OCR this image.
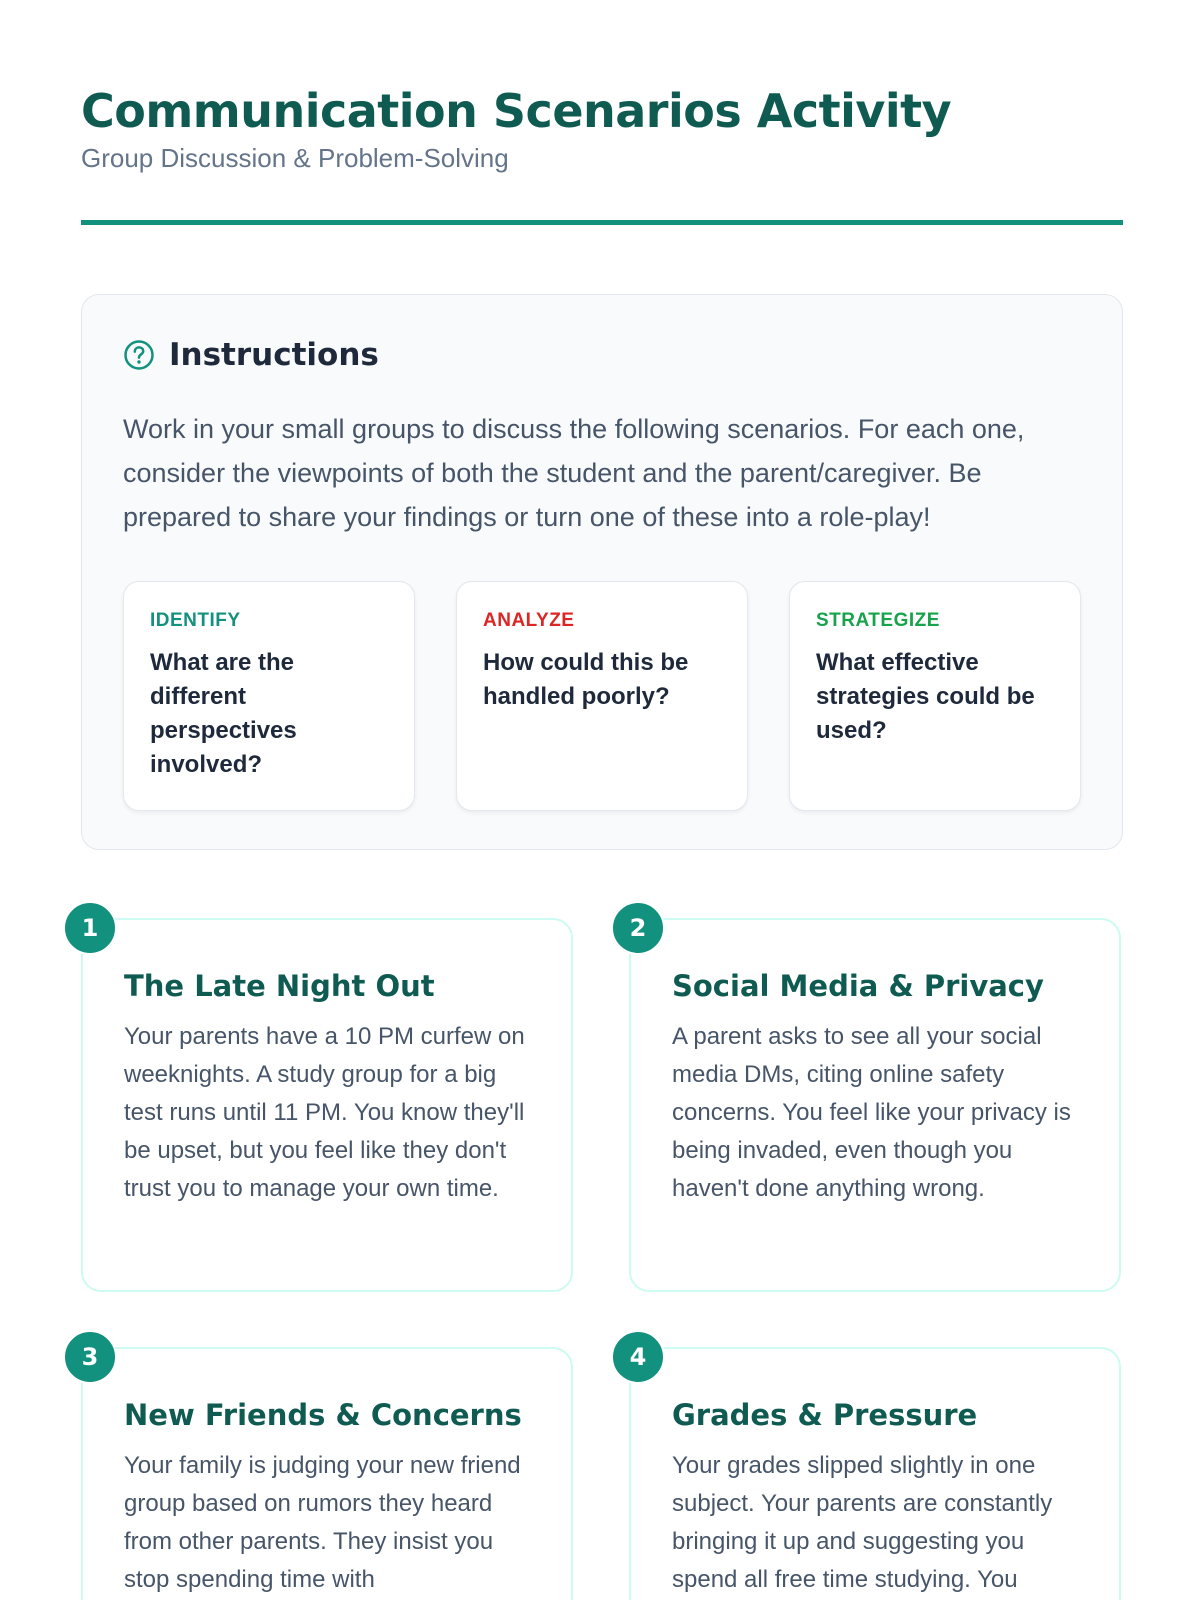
Communication Scenarios Activity
Group Discussion & Problem-Solving
Instructions

Work in your small groups to discuss the following scenarios. For each one, consider the viewpoints of both the student and the parent/caregiver. Be prepared to share your findings or turn one of these into a role-play!

IDENTIFY
What are the different perspectives involved?
ANALYZE
How could this be handled poorly?
STRATEGIZE
What effective strategies could be used?
The Late Night Out

Your parents have a 10 PM curfew on weeknights. A study group for a big test runs until 11 PM. You know they'll be upset, but you feel like they don't trust you to manage your own time.

1
Social Media & Privacy

A parent asks to see all your social media DMs, citing online safety concerns. You feel like your privacy is being invaded, even though you haven't done anything wrong.

2
New Friends & Concerns

Your family is judging your new friend group based on rumors they heard from other parents. They insist you stop spending time with

3
Grades & Pressure

Your grades slipped slightly in one subject. Your parents are constantly bringing it up and suggesting you spend all free time studying. You

4
